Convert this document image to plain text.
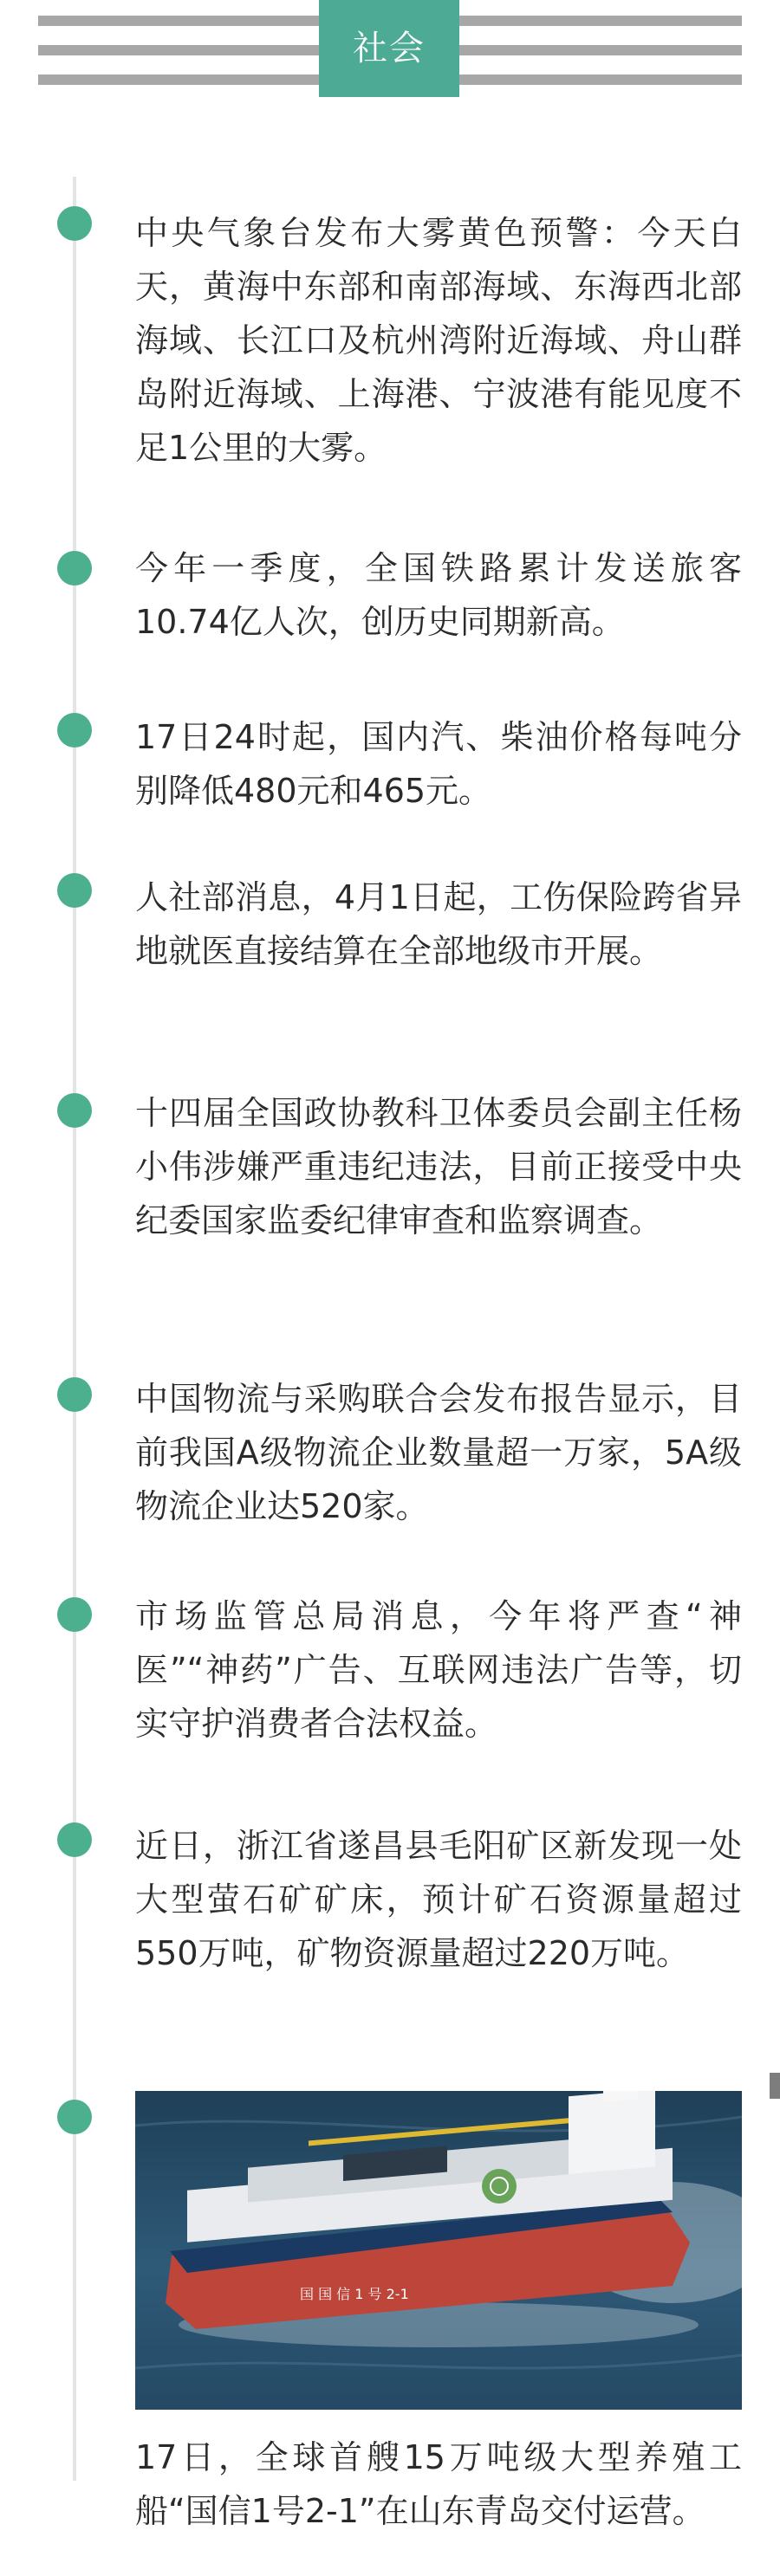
社会
中央气象台发布大雾黄色预警：今天白天，黄海中东部和南部海域、东海西北部海域、长江口及杭州湾附近海域、舟山群岛附近海域、上海港、宁波港有能见度不足1公里的大雾。
今年一季度，全国铁路累计发送旅客10.74亿人次，创历史同期新高。
17日24时起，国内汽、柴油价格每吨分别降低480元和465元。
人社部消息，4月1日起，工伤保险跨省异地就医直接结算在全部地级市开展。
十四届全国政协教科卫体委员会副主任杨小伟涉嫌严重违纪违法，目前正接受中央纪委国家监委纪律审查和监察调查。
中国物流与采购联合会发布报告显示，目前我国A级物流企业数量超一万家，5A级物流企业达520家。
市场监管总局消息，今年将严查“神医”“神药”广告、互联网违法广告等，切实守护消费者合法权益。
近日，浙江省遂昌县毛阳矿区新发现一处大型萤石矿矿床，预计矿石资源量超过550万吨，矿物资源量超过220万吨。
国 国 信 1 号 2-1
17日，全球首艘15万吨级大型养殖工船“国信1号2-1”在山东青岛交付运营。
